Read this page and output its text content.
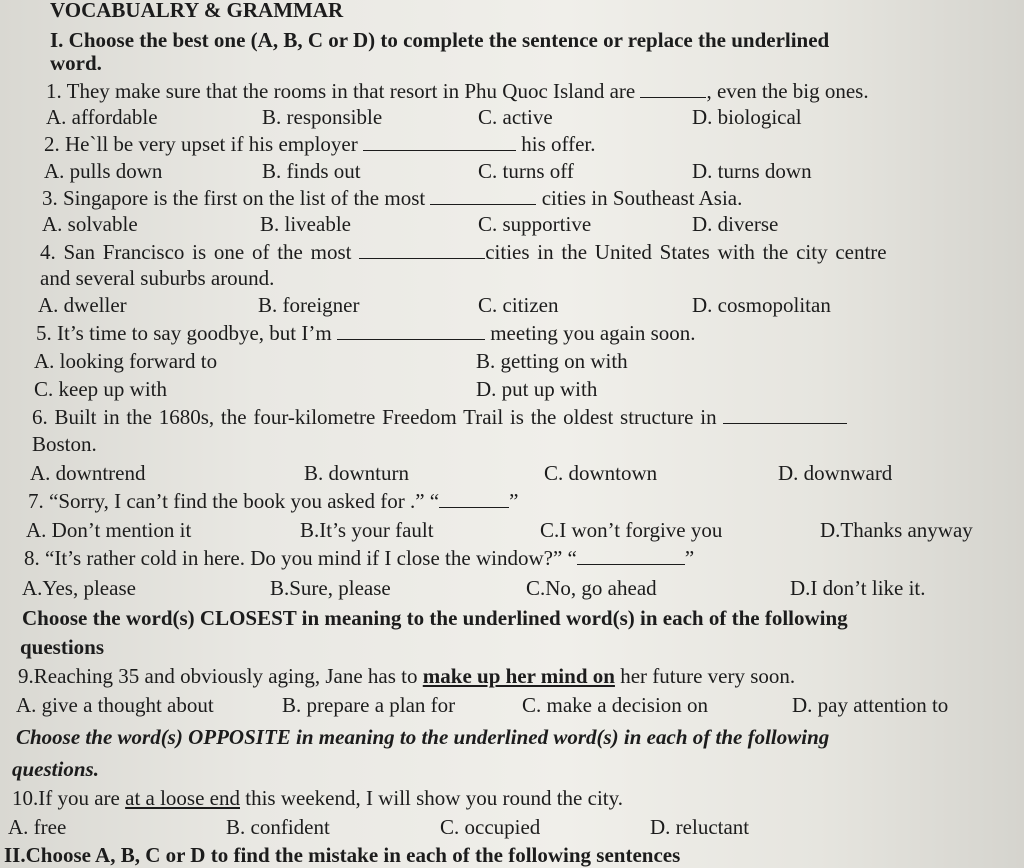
VOCABUALRY & GRAMMAR
I. Choose the best one (A, B, C or D) to complete the sentence or replace the underlined
word.
1. They make sure that the rooms in that resort in Phu Quoc Island are	, even the big ones.
A. affordable	B. responsible	C. active	D. biological
2. He`ll be very upset if his employer	his offer.
A. pulls down	B. finds out	C. turns off	D. turns down
3. Singapore is the first on the list of the most	cities in Southeast Asia.
A. solvable	B. liveable	C. supportive	D. diverse
4. San Francisco is one of the most	cities in the United States with the city centre
and several suburbs around.
A. dweller	B. foreigner	C. citizen	D. cosmopolitan
5. It’s time to say goodbye, but I’m	meeting you again soon.
A. looking forward to	B. getting on with
C. keep up with	D. put up with
6. Built in the 1680s, the four-kilometre Freedom Trail is the oldest structure in
Boston.
A. downtrend	B. downturn	C. downtown	D. downward
7. “Sorry, I can’t find the book you asked for .” “	”
A. Don’t mention it	B.It’s your fault	C.I won’t forgive you	D.Thanks anyway
8. “It’s rather cold in here. Do you mind if I close the window?” “	”
A.Yes, please	B.Sure, please	C.No, go ahead	D.I don’t like it.
Choose the word(s) CLOSEST in meaning to the underlined word(s) in each of the following
questions
9.Reaching 35 and obviously aging, Jane has to make up her mind on her future very soon.
A. give a thought about	B. prepare a plan for	C. make a decision on	D. pay attention to
Choose the word(s) OPPOSITE in meaning to the underlined word(s) in each of the following
questions.
10.If you are at a loose end this weekend, I will show you round the city.
A. free	B. confident	C. occupied	D. reluctant
II.Choose A, B, C or D to find the mistake in each of the following sentences
